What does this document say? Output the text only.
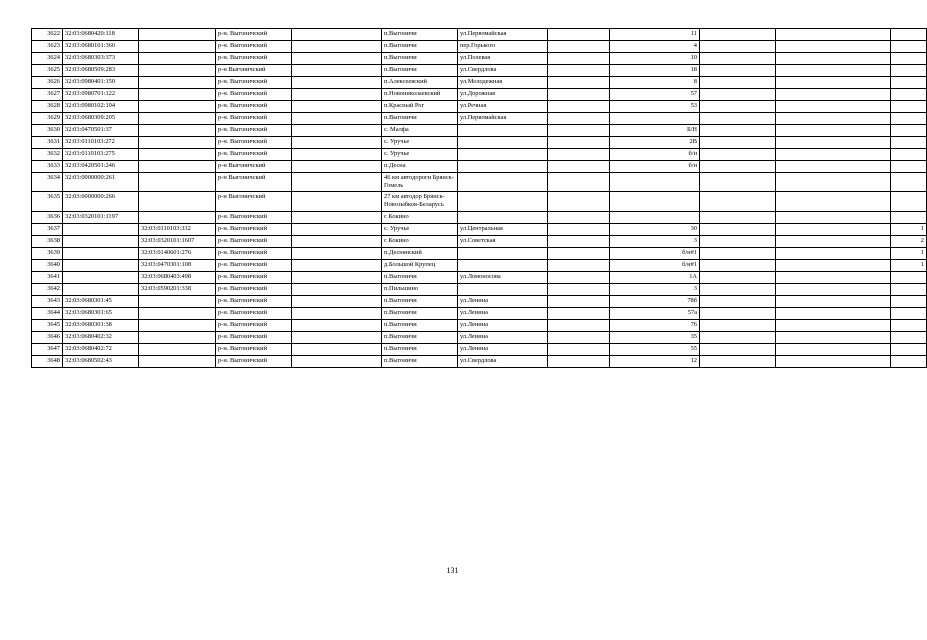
3622	32:03:0680420:118		р-н. Выгоничский		п.Выгоничи	ул.Первомайская		11			
3623	32:03:0680101:360		р-н. Выгоничский		п.Выгоничи	пер.Горького		4			
3624	32:03:0680303:373		р-н. Выгоничский		п.Выгоничи	ул.Полевая		10			
3625	32:03:0680509:283		р-н Выгоничский		п.Выгоничи	ул.Свердлова		18			
3626	32:03:0980401:150		р-н. Выгоничский		п.Алексеевский	ул.Молодежная		8			
3627	32:03:0980701:122		р-н. Выгоничский		п.Новониколаевский	ул.Дорожная		57			
3628	32:03:0980102:104		р-н. Выгоничский		п.Красный Рог	ул.Речная		53			
3629	32:03:0680309:205		р-н. Выгоничский		п.Выгоничи	ул.Первомайская					
3630	32:03:0470501:37		р-н. Выгоничский		с. Малфа			Б/Н			
3631	32:03:0110103:272		р-н. Выгоничский		с. Уручье			2В			
3632	32:03:0110103:275		р-н. Выгоничский		с. Уручье			б/н			
3633	32:03:0420501:246		р-н Выгоничский		п.Десна			б/н			
3634	32:03:0000000:261		р-н Выгоничский		46 км автодороги Брянск-Гомель						
3635	32:03:0000000:266		р-н Выгоничский		27 км автодор Брянск-Новозыбков-Беларусь						
3636	32:03:0320101:1197		р-н. Выгоничский		с Кокино						
3637		32:03:0110103:332	р-н. Выгоничский		с. Уручье	ул.Центральная		30			1
3638		32:03:0320101:1607	р-н. Выгоничский		с Кокино	ул.Советская		3			2
3639		32:03:0140601:276	р-н. Выгоничский		п.Деснянский			б/н#1			1
3640		32:03:0470301:108	р-н. Выгоничский		д.Большой Крупец			б/н#1			1
3641		32:03:0680403:498	р-н. Выгоничский		п.Выгоничи	ул.Ломоносова		1А			
3642		32:03:0590201:338	р-н. Выгоничский		п.Пильшино			3			
3643	32:03:0680301:45		р-н. Выгоничский		п.Выгоничи	ул.Ленина		78б			
3644	32:03:0680301:65		р-н. Выгоничский		п.Выгоничи	ул.Ленина		57а			
3645	32:03:0680301:38		р-н. Выгоничский		п.Выгоничи	ул.Ленина		76			
3646	32:03:0680402:32		р-н. Выгоничский		п.Выгоничи	ул.Ленина		35			
3647	32:03:0680402:72		р-н. Выгоничский		п.Выгоничи	ул.Ленина		55			
3648	32:03:0680502:43		р-н. Выгоничский		п.Выгоничи	ул.Свердлова		12			
131
